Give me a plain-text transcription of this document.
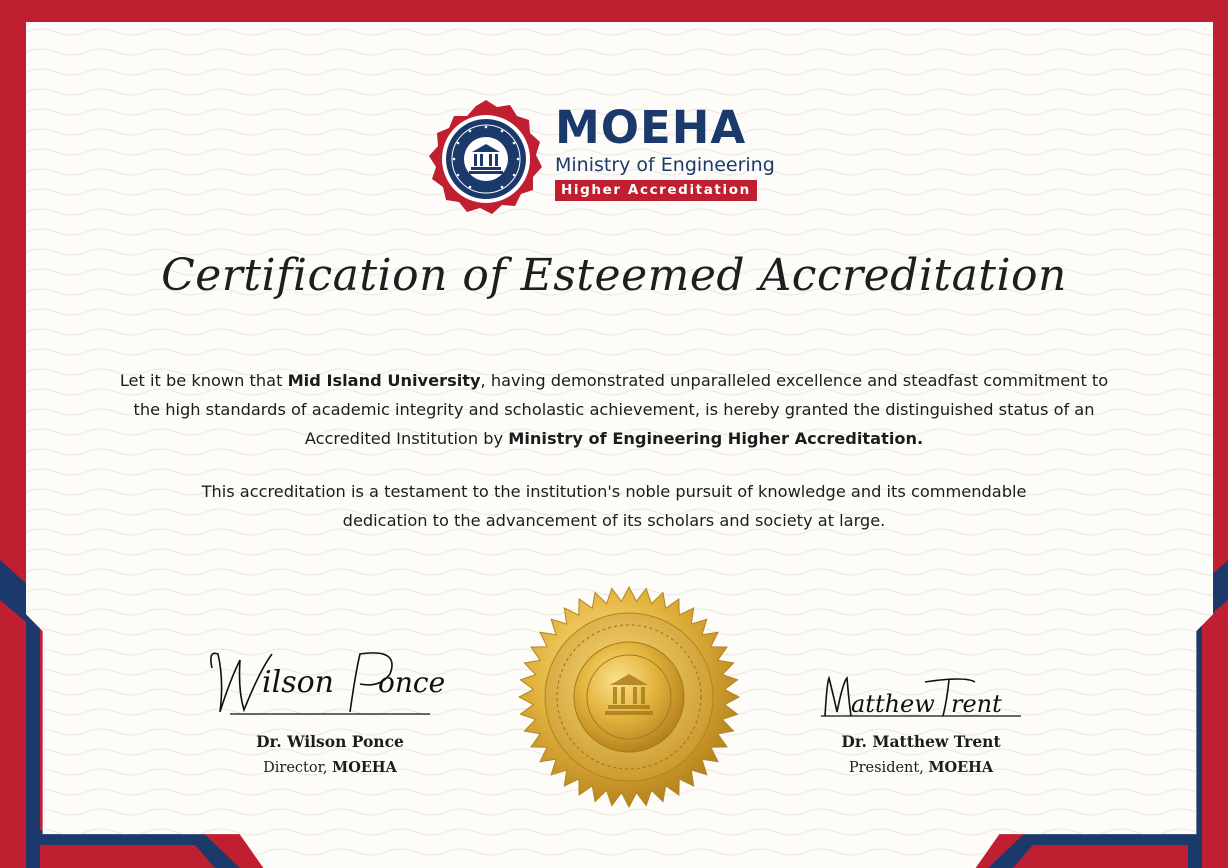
MOEHA
Ministry of Engineering
Higher Accreditation
Certification of Esteemed Accreditation
Let it be known that Mid Island University, having demonstrated unparalleled excellence and steadfast commitment to the high standards of academic integrity and scholastic achievement, is hereby granted the distinguished status of an Accredited Institution by Ministry of Engineering Higher Accreditation.
This accreditation is a testament to the institution's noble pursuit of knowledge and its commendable dedication to the advancement of its scholars and society at large.
ilson once
Dr. Wilson Ponce
Director, MOEHA
atthew rent
Dr. Matthew Trent
President, MOEHA
